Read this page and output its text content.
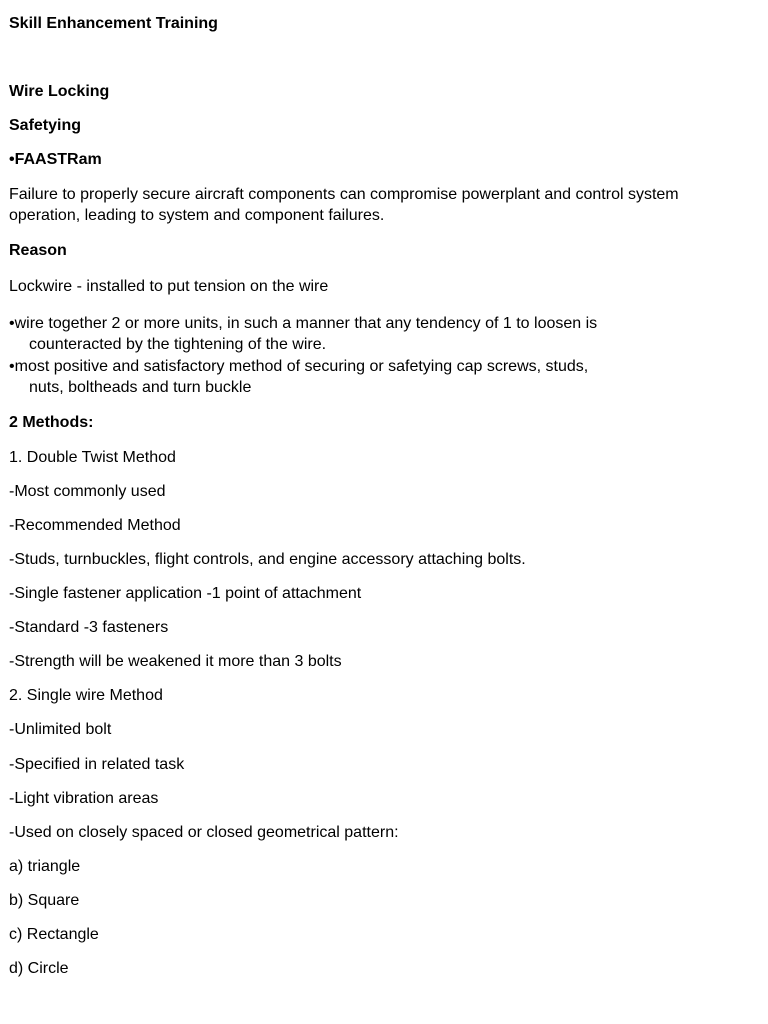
Skill Enhancement Training
Wire Locking
Safetying
•FAASTRam
Failure to properly secure aircraft components can compromise powerplant and control system operation, leading to system and component failures.
Reason
Lockwire - installed to put tension on the wire
•wire together 2 or more units, in such a manner that any tendency of 1 to loosen is
counteracted by the tightening of the wire.
•most positive and satisfactory method of securing or safetying cap screws, studs,
nuts, boltheads and turn buckle
2 Methods:
1. Double Twist Method
-Most commonly used
-Recommended Method
-Studs, turnbuckles, flight controls, and engine accessory attaching bolts.
-Single fastener application -1 point of attachment
-Standard -3 fasteners
-Strength will be weakened it more than 3 bolts
2. Single wire Method
-Unlimited bolt
-Specified in related task
-Light vibration areas
-Used on closely spaced or closed geometrical pattern:
a) triangle
b) Square
c) Rectangle
d) Circle
